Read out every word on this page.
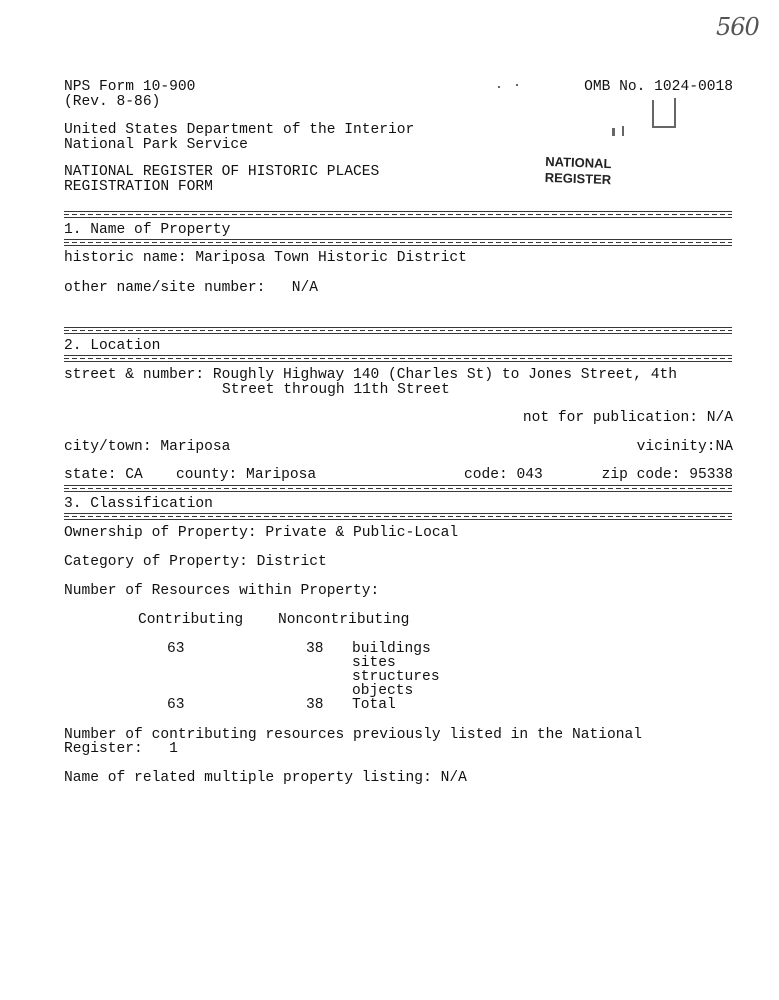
560
NPS Form 10-900
(Rev. 8-86)
OMB No. 1024-0018
United States Department of the Interior
National Park Service
NATIONAL REGISTER OF HISTORIC PLACES
REGISTRATION FORM
NATIONAL
REGISTER
1. Name of Property
historic name: Mariposa Town Historic District
other name/site number:   N/A
2. Location
street & number: Roughly Highway 140 (Charles St) to Jones Street, 4th
Street through 11th Street
not for publication: N/A
city/town: Mariposa	vicinity:NA
state: CA county: Mariposa	code: 043	zip code: 95338
3. Classification
Ownership of Property: Private & Public-Local
Category of Property: District
Number of Resources within Property:
Contributing Noncontributing
63	38 buildings
sites
structures
objects
63	38 Total
Number of contributing resources previously listed in the National
Register:   1
Name of related multiple property listing: N/A
